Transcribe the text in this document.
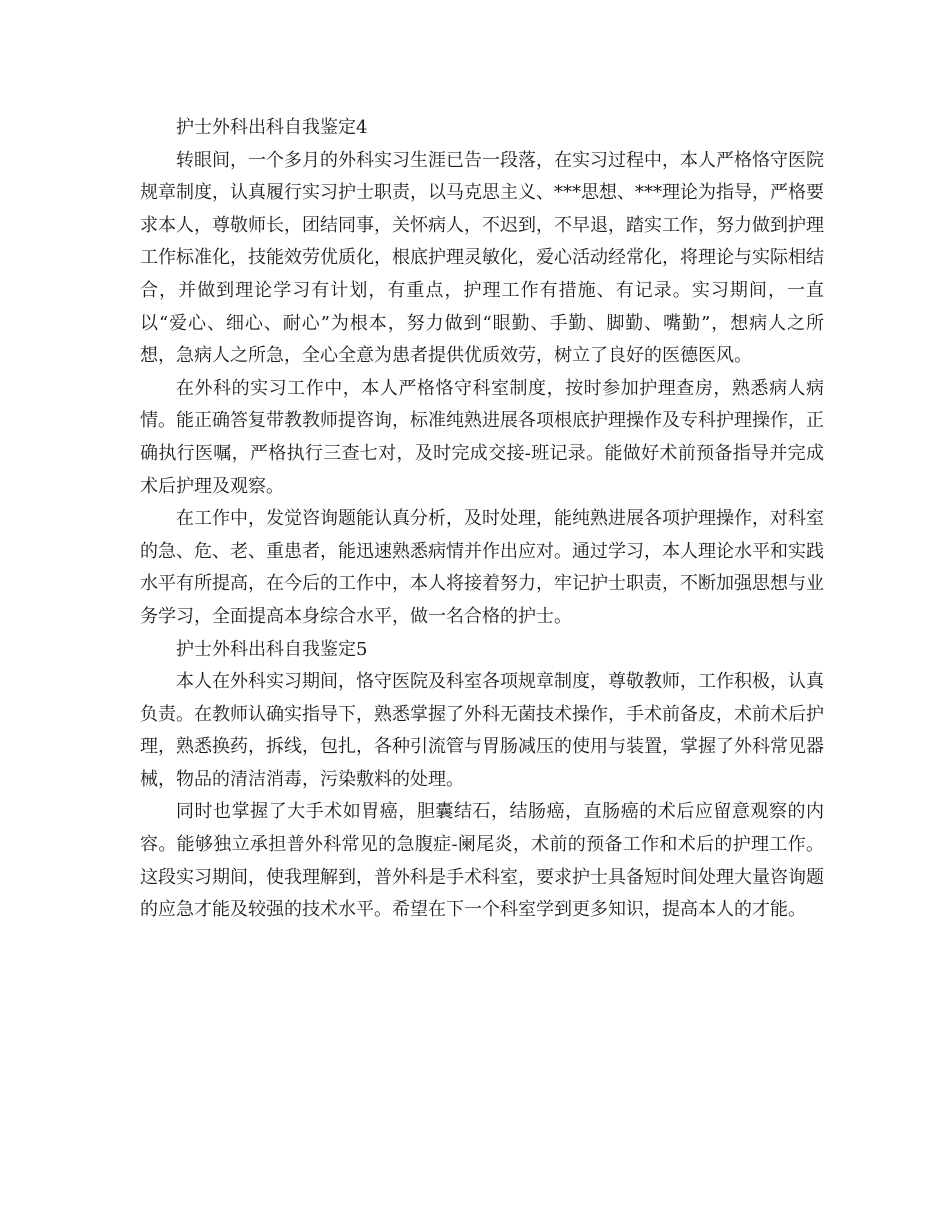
护士外科出科自我鉴定4

转眼间，一个多月的外科实习生涯已告一段落，在实习过程中，本人严格恪守医院规章制度，认真履行实习护士职责，以马克思主义、***思想、***理论为指导，严格要求本人，尊敬师长，团结同事，关怀病人，不迟到，不早退，踏实工作，努力做到护理工作标准化，技能效劳优质化，根底护理灵敏化，爱心活动经常化，将理论与实际相结合，并做到理论学习有计划，有重点，护理工作有措施、有记录。实习期间，一直以“爱心、细心、耐心”为根本，努力做到“眼勤、手勤、脚勤、嘴勤”，想病人之所想，急病人之所急，全心全意为患者提供优质效劳，树立了良好的医德医风。

在外科的实习工作中，本人严格恪守科室制度，按时参加护理查房，熟悉病人病情。能正确答复带教教师提咨询，标准纯熟进展各项根底护理操作及专科护理操作，正确执行医嘱，严格执行三查七对，及时完成交接-班记录。能做好术前预备指导并完成术后护理及观察。

在工作中，发觉咨询题能认真分析，及时处理，能纯熟进展各项护理操作，对科室的急、危、老、重患者，能迅速熟悉病情并作出应对。通过学习，本人理论水平和实践水平有所提高，在今后的工作中，本人将接着努力，牢记护士职责，不断加强思想与业务学习，全面提高本身综合水平，做一名合格的护士。

护士外科出科自我鉴定5

本人在外科实习期间，恪守医院及科室各项规章制度，尊敬教师，工作积极，认真负责。在教师认确实指导下，熟悉掌握了外科无菌技术操作，手术前备皮，术前术后护理，熟悉换药，拆线，包扎，各种引流管与胃肠减压的使用与装置，掌握了外科常见器械，物品的清洁消毒，污染敷料的处理。

同时也掌握了大手术如胃癌，胆囊结石，结肠癌，直肠癌的术后应留意观察的内容。能够独立承担普外科常见的急腹症-阑尾炎，术前的预备工作和术后的护理工作。这段实习期间，使我理解到，普外科是手术科室，要求护士具备短时间处理大量咨询题的应急才能及较强的技术水平。希望在下一个科室学到更多知识，提高本人的才能。
